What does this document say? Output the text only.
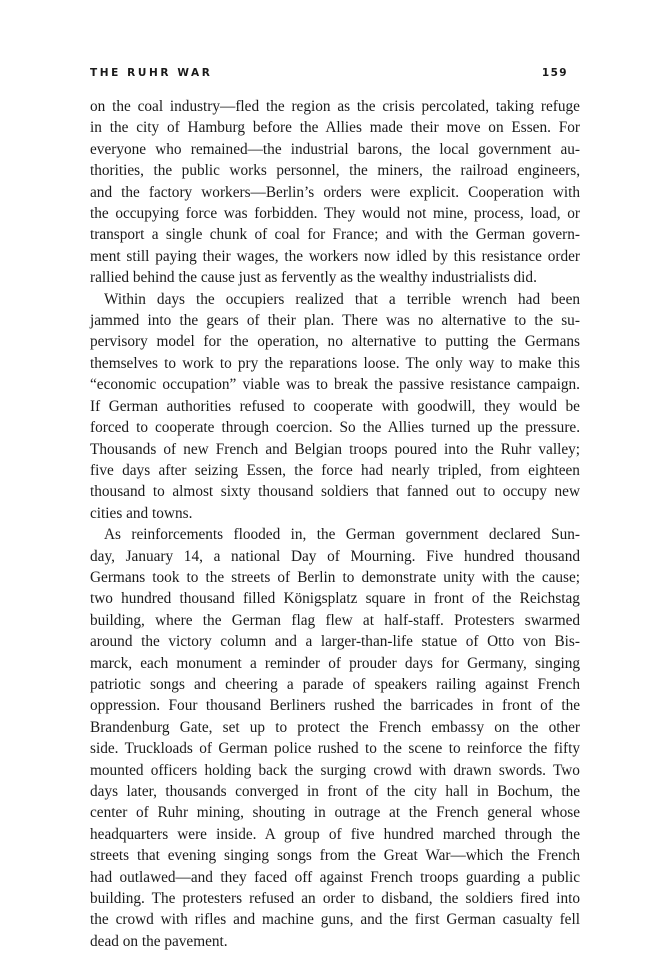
THE RUHR WAR	159
on the coal industry—fled the region as the crisis percolated, taking refuge
in the city of Hamburg before the Allies made their move on Essen. For
everyone who remained—the industrial barons, the local government au-
thorities, the public works personnel, the miners, the railroad engineers,
and the factory workers—Berlin’s orders were explicit. Cooperation with
the occupying force was forbidden. They would not mine, process, load, or
transport a single chunk of coal for France; and with the German govern-
ment still paying their wages, the workers now idled by this resistance order
rallied behind the cause just as fervently as the wealthy industrialists did.
Within days the occupiers realized that a terrible wrench had been
jammed into the gears of their plan. There was no alternative to the su-
pervisory model for the operation, no alternative to putting the Germans
themselves to work to pry the reparations loose. The only way to make this
“economic occupation” viable was to break the passive resistance campaign.
If German authorities refused to cooperate with goodwill, they would be
forced to cooperate through coercion. So the Allies turned up the pressure.
Thousands of new French and Belgian troops poured into the Ruhr valley;
five days after seizing Essen, the force had nearly tripled, from eighteen
thousand to almost sixty thousand soldiers that fanned out to occupy new
cities and towns.
As reinforcements flooded in, the German government declared Sun-
day, January 14, a national Day of Mourning. Five hundred thousand
Germans took to the streets of Berlin to demonstrate unity with the cause;
two hundred thousand filled Königsplatz square in front of the Reichstag
building, where the German flag flew at half-staff. Protesters swarmed
around the victory column and a larger-than-life statue of Otto von Bis-
marck, each monument a reminder of prouder days for Germany, singing
patriotic songs and cheering a parade of speakers railing against French
oppression. Four thousand Berliners rushed the barricades in front of the
Brandenburg Gate, set up to protect the French embassy on the other
side. Truckloads of German police rushed to the scene to reinforce the fifty
mounted officers holding back the surging crowd with drawn swords. Two
days later, thousands converged in front of the city hall in Bochum, the
center of Ruhr mining, shouting in outrage at the French general whose
headquarters were inside. A group of five hundred marched through the
streets that evening singing songs from the Great War—which the French
had outlawed—and they faced off against French troops guarding a public
building. The protesters refused an order to disband, the soldiers fired into
the crowd with rifles and machine guns, and the first German casualty fell
dead on the pavement.
